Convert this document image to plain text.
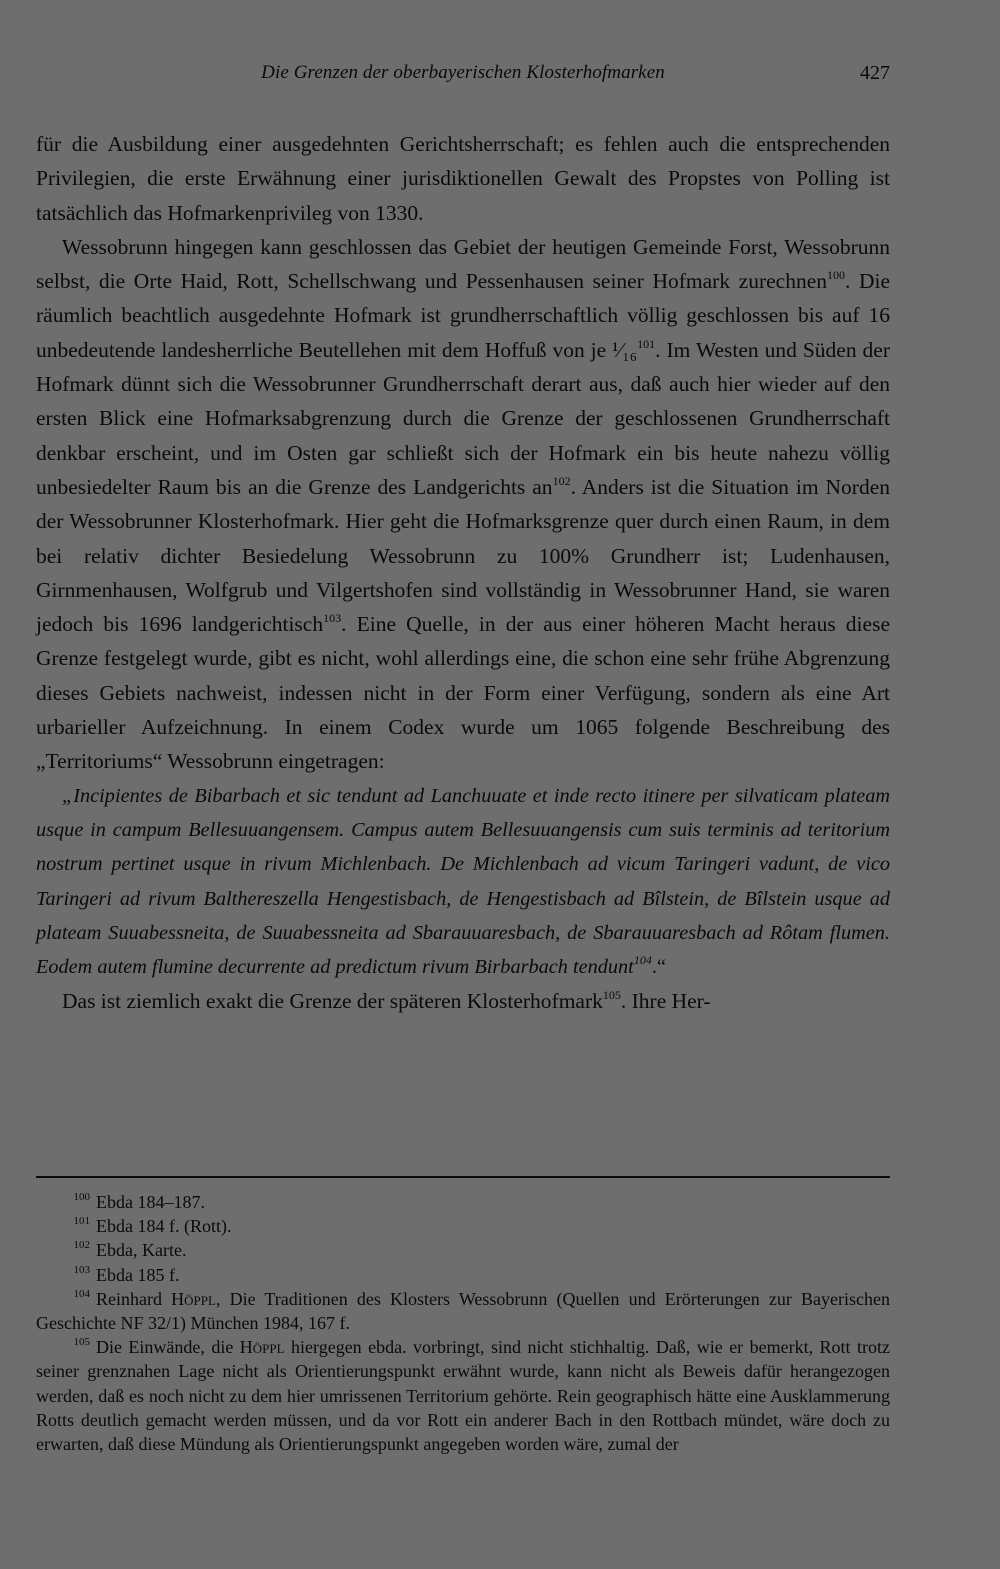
Die Grenzen der oberbayerischen Klosterhofmarken	427

für die Ausbildung einer ausgedehnten Gerichtsherrschaft; es fehlen auch die entsprechenden Privilegien, die erste Erwähnung einer jurisdiktionellen Gewalt des Propstes von Polling ist tatsächlich das Hofmarkenprivileg von 1330.

Wessobrunn hingegen kann geschlossen das Gebiet der heutigen Gemeinde Forst, Wessobrunn selbst, die Orte Haid, Rott, Schellschwang und Pessenhausen seiner Hofmark zurechnen$^{100}$. Die räumlich beachtlich ausgedehnte Hofmark ist grundherrschaftlich völlig geschlossen bis auf 16 unbedeutende landesherrliche Beutellehen mit dem Hoffuß von je ¹⁄₁₆$^{101}$. Im Westen und Süden der Hofmark dünnt sich die Wessobrunner Grundherrschaft derart aus, daß auch hier wieder auf den ersten Blick eine Hofmarksabgrenzung durch die Grenze der geschlossenen Grundherrschaft denkbar erscheint, und im Osten gar schließt sich der Hofmark ein bis heute nahezu völlig unbesiedelter Raum bis an die Grenze des Landgerichts $an^{102}$. Anders ist die Situation im Norden der Wessobrunner Klosterhofmark. Hier geht die Hofmarksgrenze quer durch einen Raum, in dem bei relativ dichter Besiedelung Wessobrunn zu 100% Grundherr ist; Ludenhausen, Girnmenhausen, Wolfgrub und Vilgertshofen sind vollständig in Wessobrunner Hand, sie waren jedoch bis 1696 landgerichtisch$^{103}$. Eine Quelle, in der aus einer höheren Macht heraus diese Grenze festgelegt wurde, gibt es nicht, wohl allerdings eine, die schon eine sehr frühe Abgrenzung dieses Gebiets nachweist, indessen nicht in der Form einer Verfügung, sondern als eine Art urbarieller Aufzeichnung. In einem Codex wurde um 1065 folgende Beschreibung des „Territoriums“ Wessobrunn eingetragen:

„Incipientes de Bibarbach et sic tendunt ad Lanchuuate et inde recto itinere per silvaticam plateam usque in campum Bellesuuangensem. Campus autem Bellesuuangensis cum suis terminis ad teritorium nostrum pertinet usque in rivum Michlenbach. De Michlenbach ad vicum Taringeri vadunt, de vico Taringeri ad rivum Balthereszella Hengestisbach, de Hengestisbach ad Bîlstein, de Bîlstein usque ad plateam Suuabessneita, de Suuabessneita ad Sbarauuaresbach, de Sbarauuaresbach ad Rôtam flumen. Eodem autem flumine decurrente ad predictum rivum Birbarbach tendunt$^{104}$.“

Das ist ziemlich exakt die Grenze der späteren Klosterhofmark$^{105}$. Ihre Her-

100 Ebda 184–187.

101 Ebda 184 f. (Rott).

102 Ebda, Karte.

103 Ebda 185 f.

104 Reinhard Höppl, Die Traditionen des Klosters Wessobrunn (Quellen und Erörterungen zur Bayerischen Geschichte NF 32/1) München 1984, 167 f.

105 Die Einwände, die Höppl hiergegen ebda. vorbringt, sind nicht stichhaltig. Daß, wie er bemerkt, Rott trotz seiner grenznahen Lage nicht als Orientierungspunkt erwähnt wurde, kann nicht als Beweis dafür herangezogen werden, daß es noch nicht zu dem hier umrissenen Territorium gehörte. Rein geographisch hätte eine Ausklammerung Rotts deutlich gemacht werden müssen, und da vor Rott ein anderer Bach in den Rottbach mündet, wäre doch zu erwarten, daß diese Mündung als Orientierungspunkt angegeben worden wäre, zumal der
